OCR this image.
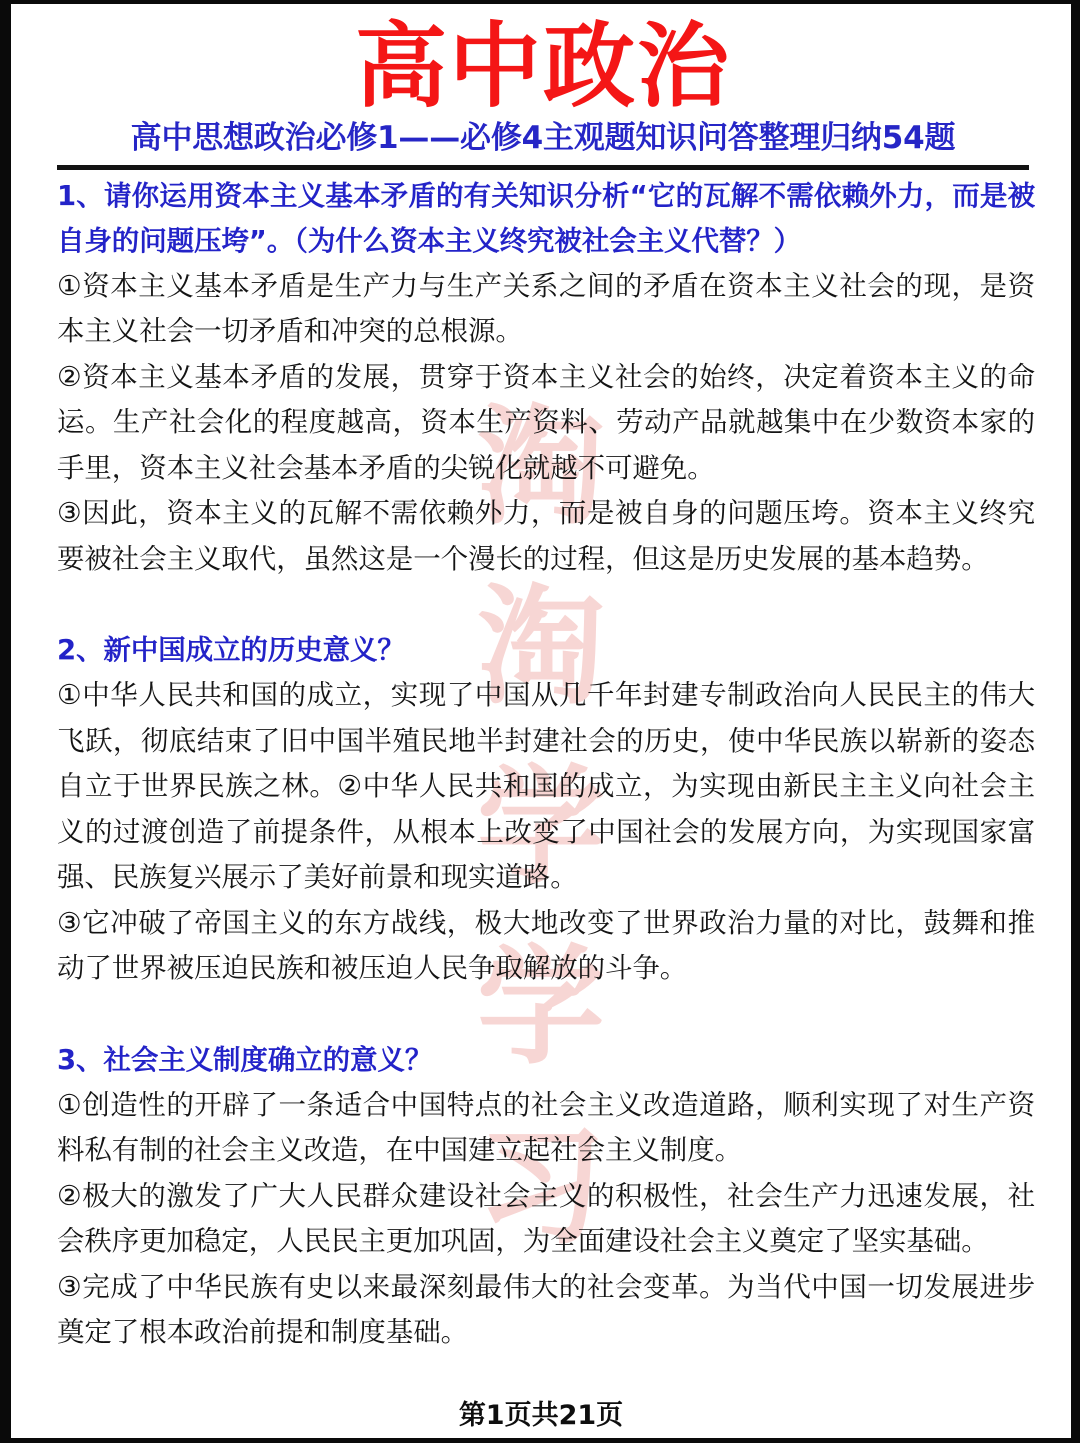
淘
淘
学
学
习
高中政治
高中思想政治必修1——必修4主观题知识问答整理归纳54题

1、请你运用资本主义基本矛盾的有关知识分析“它的瓦解不需依赖外力，而是被自身的问题压垮”。（为什么资本主义终究被社会主义代替？）

①资本主义基本矛盾是生产力与生产关系之间的矛盾在资本主义社会的现，是资本主义社会一切矛盾和冲突的总根源。

②资本主义基本矛盾的发展，贯穿于资本主义社会的始终，决定着资本主义的命运。生产社会化的程度越高，资本生产资料、劳动产品就越集中在少数资本家的手里，资本主义社会基本矛盾的尖锐化就越不可避免。

③因此，资本主义的瓦解不需依赖外力，而是被自身的问题压垮。资本主义终究要被社会主义取代，虽然这是一个漫长的过程，但这是历史发展的基本趋势。

2、新中国成立的历史意义？

①中华人民共和国的成立，实现了中国从几千年封建专制政治向人民民主的伟大飞跃，彻底结束了旧中国半殖民地半封建社会的历史，使中华民族以崭新的姿态自立于世界民族之林。②中华人民共和国的成立，为实现由新民主主义向社会主义的过渡创造了前提条件，从根本上改变了中国社会的发展方向，为实现国家富强、民族复兴展示了美好前景和现实道路。

③它冲破了帝国主义的东方战线，极大地改变了世界政治力量的对比，鼓舞和推动了世界被压迫民族和被压迫人民争取解放的斗争。

3、社会主义制度确立的意义？

①创造性的开辟了一条适合中国特点的社会主义改造道路，顺利实现了对生产资料私有制的社会主义改造，在中国建立起社会主义制度。

②极大的激发了广大人民群众建设社会主义的积极性，社会生产力迅速发展，社会秩序更加稳定，人民民主更加巩固，为全面建设社会主义奠定了坚实基础。

③完成了中华民族有史以来最深刻最伟大的社会变革。为当代中国一切发展进步奠定了根本政治前提和制度基础。

第1页共21页
